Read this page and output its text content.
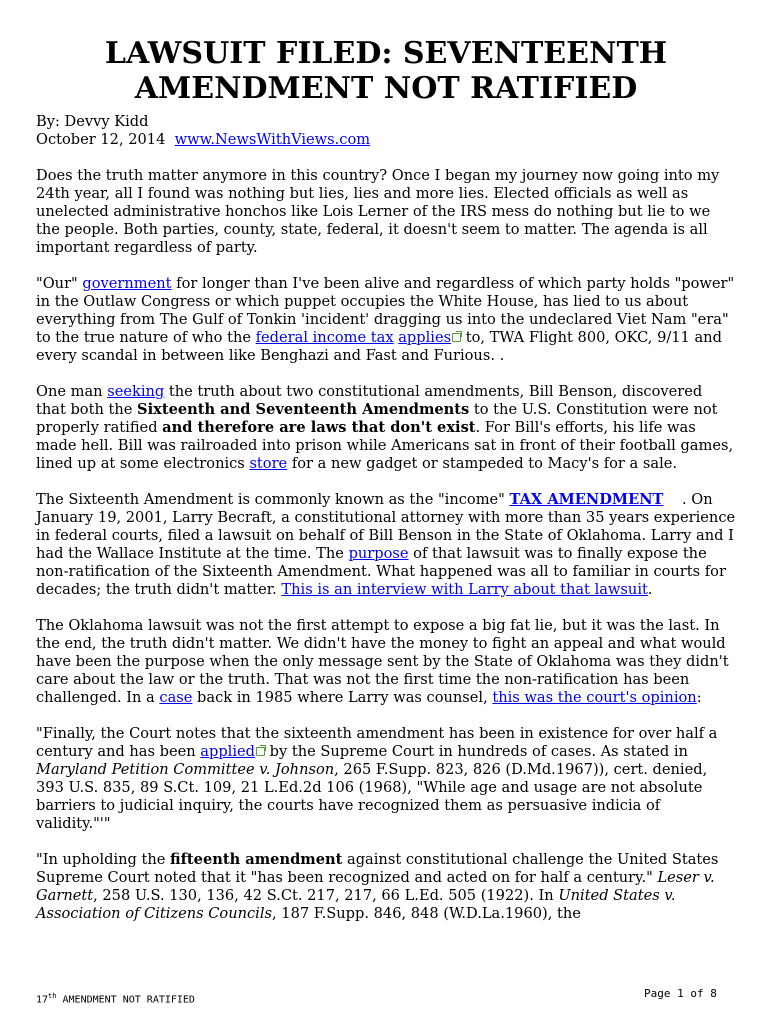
LAWSUIT FILED: SEVENTEENTH
AMENDMENT NOT RATIFIED
By: Devvy Kidd
October 12, 2014 www.NewsWithViews.com

Does the truth matter anymore in this country? Once I began my journey now going into my 24th year, all I found was nothing but lies, lies and more lies. Elected officials as well as unelected administrative honchos like Lois Lerner of the IRS mess do nothing but lie to we the people. Both parties, county, state, federal, it doesn't seem to matter. The agenda is all important regardless of party.

"Our" government for longer than I've been alive and regardless of which party holds "power" in the Outlaw Congress or which puppet occupies the White House, has lied to us about everything from The Gulf of Tonkin 'incident' dragging us into the undeclared Viet Nam "era" to the true nature of who the federal income tax applies to, TWA Flight 800, OKC, 9/11 and every scandal in between like Benghazi and Fast and Furious. .

One man seeking the truth about two constitutional amendments, Bill Benson, discovered that both the Sixteenth and Seventeenth Amendments to the U.S. Constitution were not properly ratified and therefore are laws that don't exist. For Bill's efforts, his life was made hell. Bill was railroaded into prison while Americans sat in front of their football games, lined up at some electronics store for a new gadget or stampeded to Macy's for a sale.

The Sixteenth Amendment is commonly known as the "income" TAX AMENDMENT    . On January 19, 2001, Larry Becraft, a constitutional attorney with more than 35 years experience in federal courts, filed a lawsuit on behalf of Bill Benson in the State of Oklahoma. Larry and I had the Wallace Institute at the time. The purpose of that lawsuit was to finally expose the non-ratification of the Sixteenth Amendment. What happened was all to familiar in courts for decades; the truth didn't matter. This is an interview with Larry about that lawsuit.

The Oklahoma lawsuit was not the first attempt to expose a big fat lie, but it was the last. In the end, the truth didn't matter. We didn't have the money to fight an appeal and what would have been the purpose when the only message sent by the State of Oklahoma was they didn't care about the law or the truth. That was not the first time the non-ratification has been challenged. In a case back in 1985 where Larry was counsel, this was the court's opinion:

"Finally, the Court notes that the sixteenth amendment has been in existence for over half a century and has been applied by the Supreme Court in hundreds of cases. As stated in Maryland Petition Committee v. Johnson, 265 F.Supp. 823, 826 (D.Md.1967)), cert. denied, 393 U.S. 835, 89 S.Ct. 109, 21 L.Ed.2d 106 (1968), "While age and usage are not absolute barriers to judicial inquiry, the courts have recognized them as persuasive indicia of validity."'"

"In upholding the fifteenth amendment against constitutional challenge the United States Supreme Court noted that it "has been recognized and acted on for half a century." Leser v. Garnett, 258 U.S. 130, 136, 42 S.Ct. 217, 217, 66 L.Ed. 505 (1922). In United States v. Association of Citizens Councils, 187 F.Supp. 846, 848 (W.D.La.1960), the

17th AMENDMENT NOT RATIFIED	Page 1 of 8
